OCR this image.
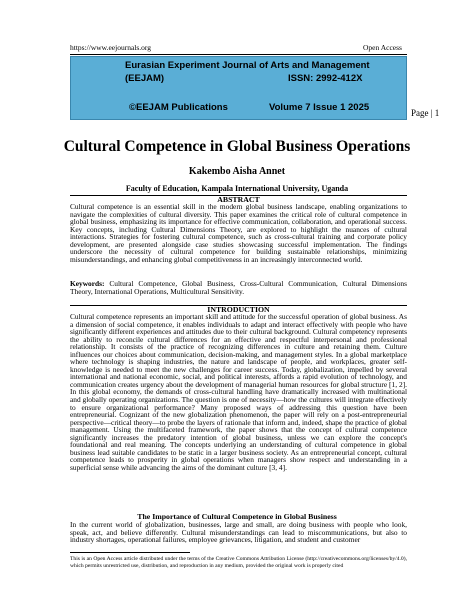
https://www.eejournals.org	Open Access
Eurasian Experiment Journal of Arts and Management
(EEJAM)	ISSN: 2992-412X
©EEJAM Publications	Volume 7 Issue 1 2025	Page | 1
Cultural Competence in Global Business Operations
Kakembo Aisha Annet
Faculty of Education, Kampala International University, Uganda
ABSTRACT
Cultural competence is an essential skill in the modern global business landscape, enabling organizations to navigate the complexities of cultural diversity. This paper examines the critical role of cultural competence in global business, emphasizing its importance for effective communication, collaboration, and operational success. Key concepts, including Cultural Dimensions Theory, are explored to highlight the nuances of cultural interactions. Strategies for fostering cultural competence, such as cross-cultural training and corporate policy development, are presented alongside case studies showcasing successful implementation. The findings underscore the necessity of cultural competence for building sustainable relationships, minimizing misunderstandings, and enhancing global competitiveness in an increasingly interconnected world.
Keywords: Cultural Competence, Global Business, Cross-Cultural Communication, Cultural Dimensions Theory, International Operations, Multicultural Sensitivity.
INTRODUCTION
Cultural competence represents an important skill and attitude for the successful operation of global business. As a dimension of social competence, it enables individuals to adapt and interact effectively with people who have significantly different experiences and attitudes due to their cultural background. Cultural competency represents the ability to reconcile cultural differences for an effective and respectful interpersonal and professional relationship. It consists of the practice of recognizing differences in culture and retaining them. Culture influences our choices about communication, decision-making, and management styles. In a global marketplace where technology is shaping industries, the nature and landscape of people, and workplaces, greater self-knowledge is needed to meet the new challenges for career success. Today, globalization, impelled by several international and national economic, social, and political interests, affords a rapid evolution of technology, and communication creates urgency about the development of managerial human resources for global structure [1, 2]. In this global economy, the demands of cross-cultural handling have dramatically increased with multinational and globally operating organizations. The question is one of necessity—how the cultures will integrate effectively to ensure organizational performance? Many proposed ways of addressing this question have been entrepreneurial. Cognizant of the new globalization phenomenon, the paper will rely on a post-entrepreneurial perspective—critical theory—to probe the layers of rationale that inform and, indeed, shape the practice of global management. Using the multifaceted framework, the paper shows that the concept of cultural competence significantly increases the predatory intention of global business, unless we can explore the concept's foundational and real meaning. The concepts underlying an understanding of cultural competence in global business lead suitable candidates to be static in a larger business society. As an entrepreneurial concept, cultural competence leads to prosperity in global operations when managers show respect and understanding in a superficial sense while advancing the aims of the dominant culture [3, 4].
The Importance of Cultural Competence in Global Business
In the current world of globalization, businesses, large and small, are doing business with people who look, speak, act, and believe differently. Cultural misunderstandings can lead to miscommunications, but also to industry shortages, operational failures, employee grievances, litigation, and student and customer
This is an Open Access article distributed under the terms of the Creative Commons Attribution License (http://creativecommons.org/licenses/by/4.0), which permits unrestricted use, distribution, and reproduction in any medium, provided the original work is properly cited
